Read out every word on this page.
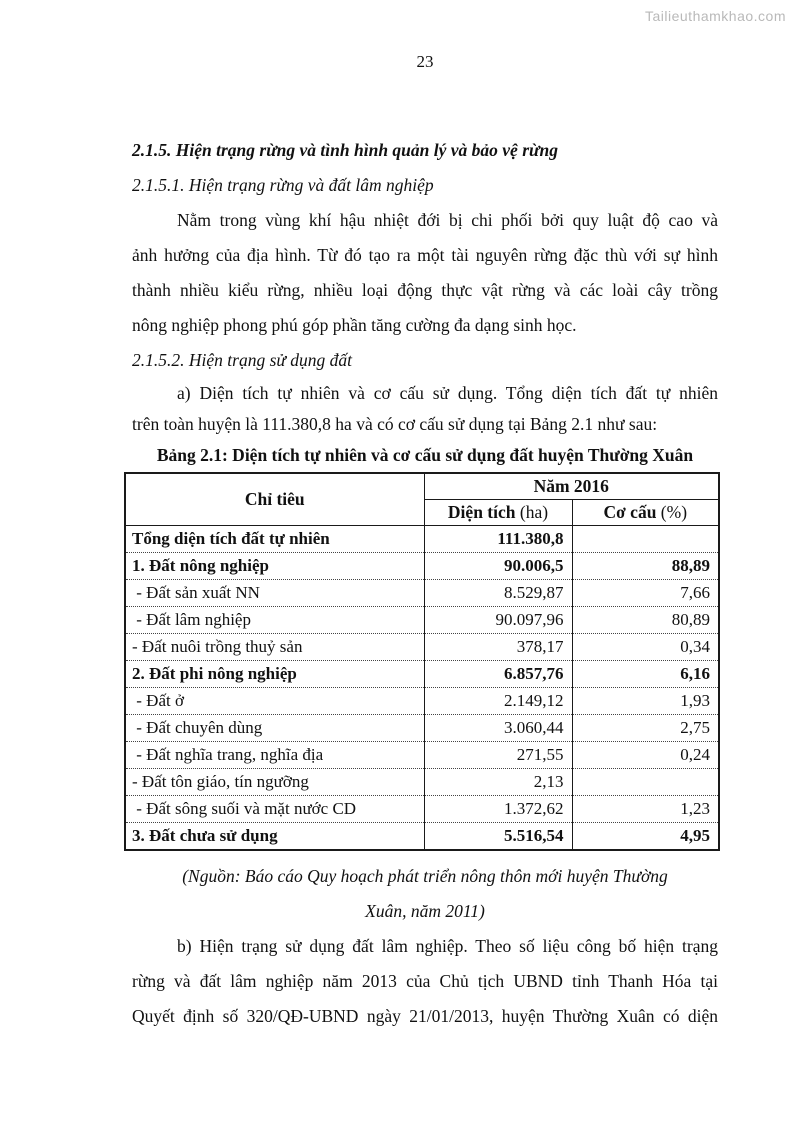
Tailieuthamkhao.com
23
2.1.5. Hiện trạng rừng và tình hình quản lý và bảo vệ rừng
2.1.5.1. Hiện trạng rừng và đất lâm nghiệp
Nằm trong vùng khí hậu nhiệt đới bị chi phối bởi quy luật độ cao và
ảnh hưởng của địa hình. Từ đó tạo ra một tài nguyên rừng đặc thù với sự hình
thành nhiều kiểu rừng, nhiều loại động thực vật rừng và các loài cây trồng
nông nghiệp phong phú góp phần tăng cường đa dạng sinh học.
2.1.5.2. Hiện trạng sử dụng đất
a) Diện tích tự nhiên và cơ cấu sử dụng. Tổng diện tích đất tự nhiên
trên toàn huyện là 111.380,8 ha và có cơ cấu sử dụng tại Bảng 2.1 như sau:
Bảng 2.1: Diện tích tự nhiên và cơ cấu sử dụng đất huyện Thường Xuân
Chỉ tiêu	Năm 2016	
	Diện tích (ha)	Cơ cấu (%)
Tổng diện tích đất tự nhiên	111.380,8	
1. Đất nông nghiệp	90.006,5	88,89
- Đất sản xuất NN	8.529,87	7,66
- Đất lâm nghiệp	90.097,96	80,89
- Đất nuôi trồng thuỷ sản	378,17	0,34
2. Đất phi nông nghiệp	6.857,76	6,16
- Đất ở	2.149,12	1,93
- Đất chuyên dùng	3.060,44	2,75
- Đất nghĩa trang, nghĩa địa	271,55	0,24
- Đất tôn giáo, tín ngưỡng	2,13	
- Đất sông suối và mặt nước CD	1.372,62	1,23
3. Đất chưa sử dụng	5.516,54	4,95
(Nguồn: Báo cáo Quy hoạch phát triển nông thôn mới huyện Thường
Xuân, năm 2011)
b) Hiện trạng sử dụng đất lâm nghiệp. Theo số liệu công bố hiện trạng
rừng và đất lâm nghiệp năm 2013 của Chủ tịch UBND tỉnh Thanh Hóa tại
Quyết định số 320/QĐ-UBND ngày 21/01/2013, huyện Thường Xuân có diện
